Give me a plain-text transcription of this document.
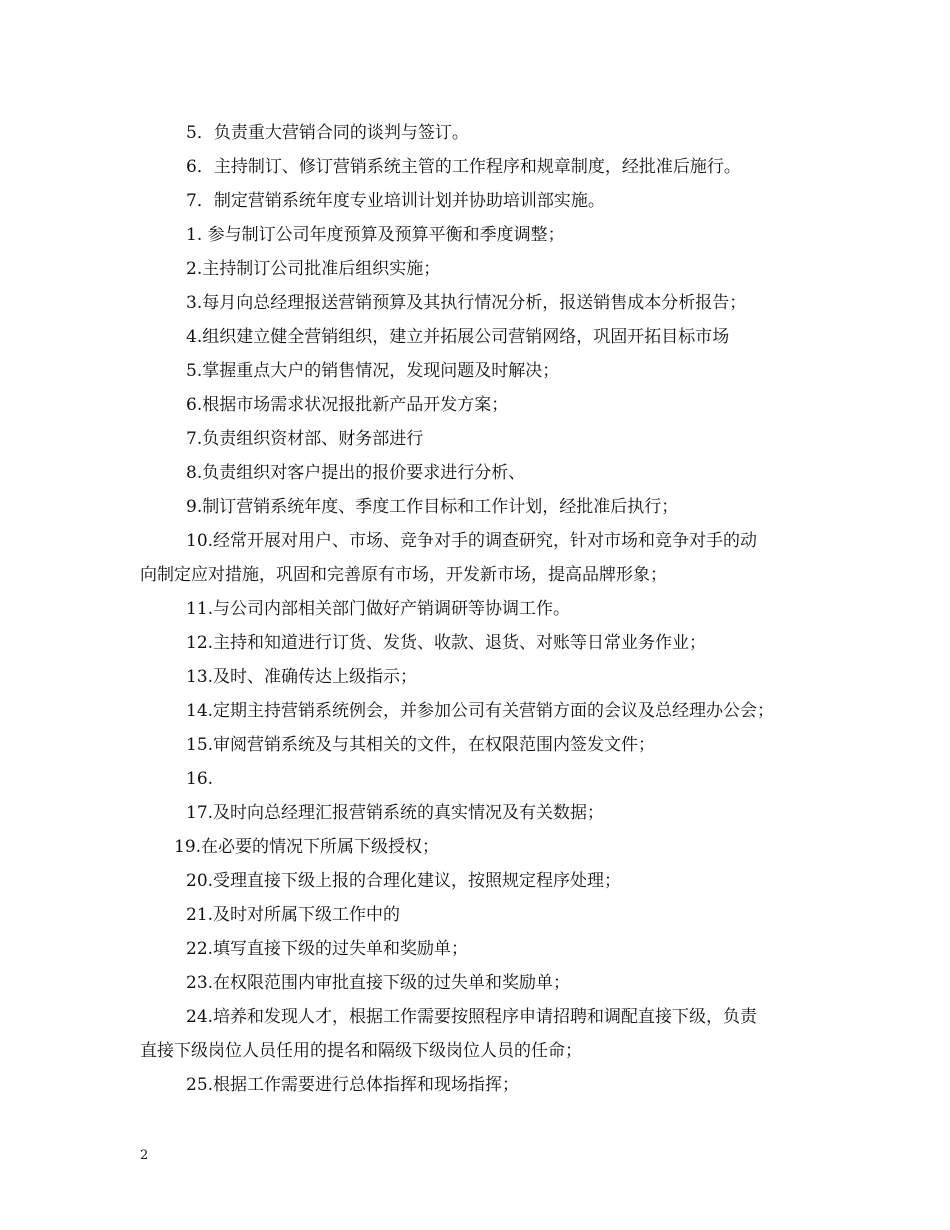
5．负责重大营销合同的谈判与签订。
6．主持制订、修订营销系统主管的工作程序和规章制度，经批准后施行。
7．制定营销系统年度专业培训计划并协助培训部实施。
1. 参与制订公司年度预算及预算平衡和季度调整；
2.主持制订公司批准后组织实施；
3.每月向总经理报送营销预算及其执行情况分析，报送销售成本分析报告；
4.组织建立健全营销组织，建立并拓展公司营销网络，巩固开拓目标市场
5.掌握重点大户的销售情况，发现问题及时解决；
6.根据市场需求状况报批新产品开发方案；
7.负责组织资材部、财务部进行
8.负责组织对客户提出的报价要求进行分析、
9.制订营销系统年度、季度工作目标和工作计划，经批准后执行；
10.经常开展对用户、市场、竞争对手的调查研究，针对市场和竞争对手的动
向制定应对措施，巩固和完善原有市场，开发新市场，提高品牌形象；
11.与公司内部相关部门做好产销调研等协调工作。
12.主持和知道进行订货、发货、收款、退货、对账等日常业务作业；
13.及时、准确传达上级指示；
14.定期主持营销系统例会，并参加公司有关营销方面的会议及总经理办公会；
15.审阅营销系统及与其相关的文件，在权限范围内签发文件；
16.
17.及时向总经理汇报营销系统的真实情况及有关数据；
19.在必要的情况下所属下级授权；
20.受理直接下级上报的合理化建议，按照规定程序处理；
21.及时对所属下级工作中的
22.填写直接下级的过失单和奖励单；
23.在权限范围内审批直接下级的过失单和奖励单；
24.培养和发现人才，根据工作需要按照程序申请招聘和调配直接下级，负责
直接下级岗位人员任用的提名和隔级下级岗位人员的任命；
25.根据工作需要进行总体指挥和现场指挥；
2
